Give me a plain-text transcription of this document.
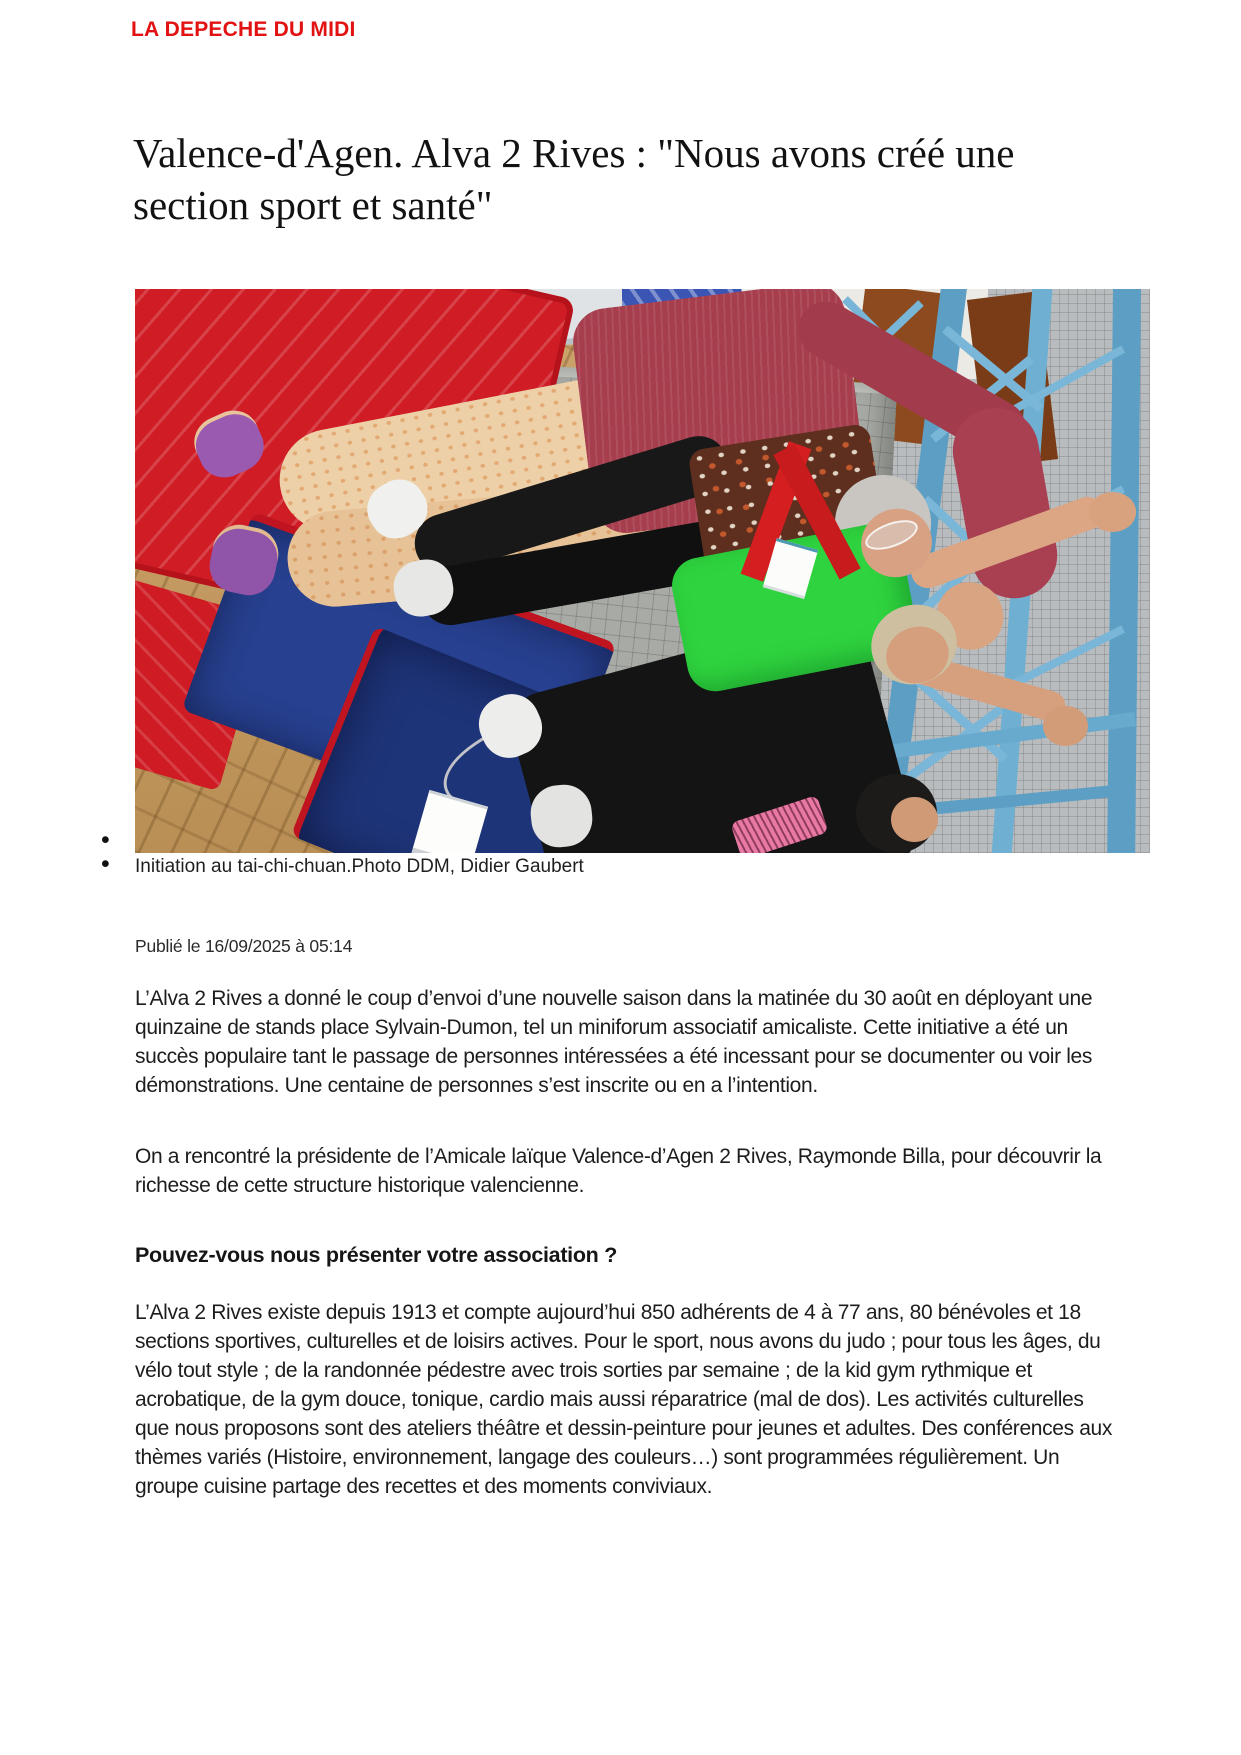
LA DEPECHE DU MIDI
Valence-d'Agen. Alva 2 Rives : "Nous avons créé une section sport et santé"
•
• Initiation au tai-chi-chuan.Photo DDM, Didier Gaubert
Publié le 16/09/2025 à 05:14

L’Alva 2 Rives a donné le coup d’envoi d’une nouvelle saison dans la matinée du 30 août en déployant une quinzaine de stands place Sylvain-Dumon, tel un miniforum associatif amicaliste. Cette initiative a été un succès populaire tant le passage de personnes intéressées a été incessant pour se documenter ou voir les démonstrations. Une centaine de personnes s’est inscrite ou en a l’intention.

On a rencontré la présidente de l’Amicale laïque Valence-d’Agen 2 Rives, Raymonde Billa, pour découvrir la richesse de cette structure historique valencienne.

Pouvez-vous nous présenter votre association ?

L’Alva 2 Rives existe depuis 1913 et compte aujourd’hui 850 adhérents de 4 à 77 ans, 80 bénévoles et 18 sections sportives, culturelles et de loisirs actives. Pour le sport, nous avons du judo ; pour tous les âges, du vélo tout style ; de la randonnée pédestre avec trois sorties par semaine ; de la kid gym rythmique et acrobatique, de la gym douce, tonique, cardio mais aussi réparatrice (mal de dos). Les activités culturelles que nous proposons sont des ateliers théâtre et dessin-peinture pour jeunes et adultes. Des conférences aux thèmes variés (Histoire, environnement, langage des couleurs…) sont programmées régulièrement. Un groupe cuisine partage des recettes et des moments conviviaux.
